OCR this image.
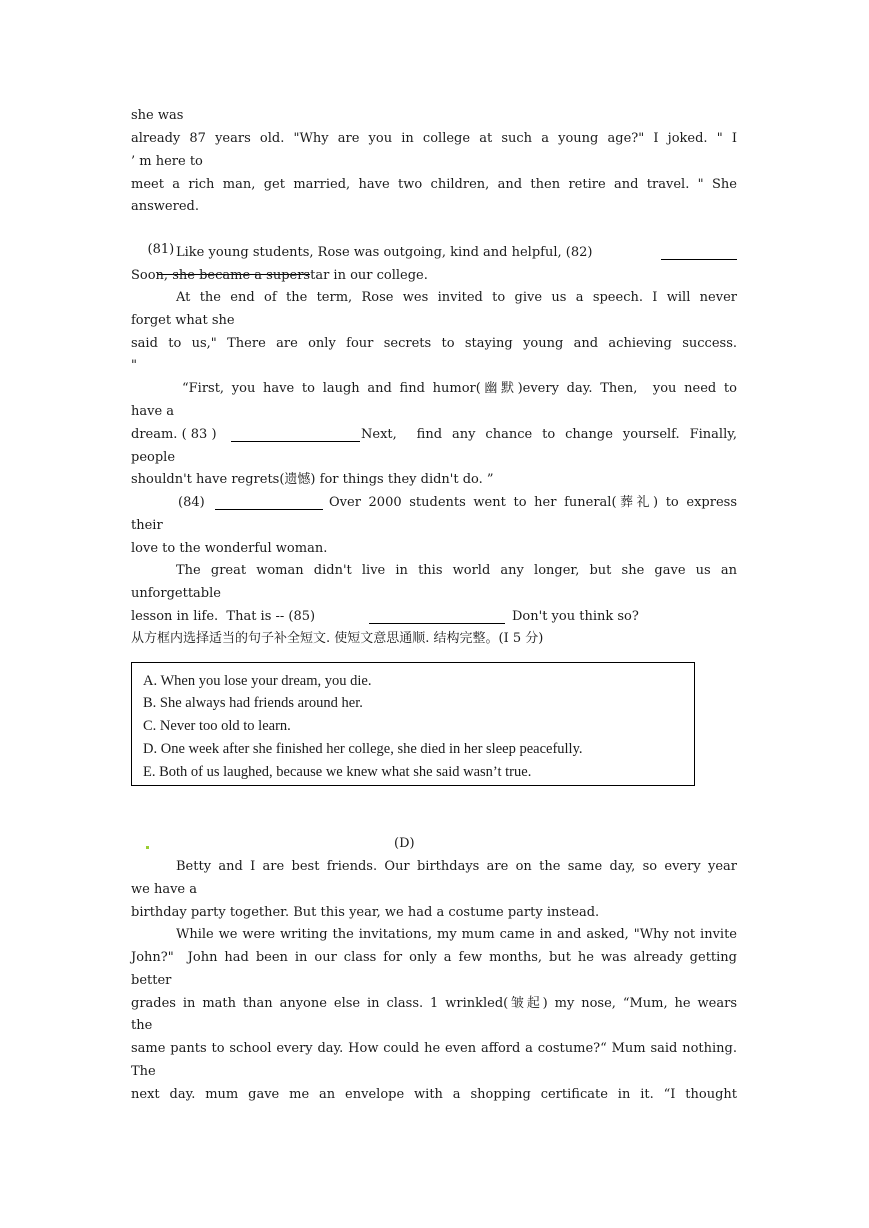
she was
already 87 years old. "Why are you in college at such a young age?" I joked. " I
’ m here to
meet a rich man, get married, have two children, and then retire and travel. " She
answered.

(81)

Like young students, Rose was outgoing, kind and helpful, (82)
Soon, she became a superstar in our college.
At the end of the term, Rose wes invited to give us a speech. I will never
forget what she
said to us," There are only four secrets to staying young and achieving success.
"
“First, you have to laugh and find humor(幽默)every day. Then,  you need to
have a
dream. ( 83 )	Next,  find any chance to change yourself. Finally,
people
shouldn't have regrets(遗憾) for things they didn't do. ”
(84)	Over 2000 students went to her funeral(葬礼) to express
their
love to the wonderful woman.
The great woman didn't live in this world any longer, but she gave us an
unforgettable
lesson in life.  That is -- (85)	Don't you think so?
从方框内选择适当的句子补全短文. 使短文意思通顺. 结构完整。(I 5 分)
A. When you lose your dream, you die.
B. She always had friends around her.
C. Never too old to learn.
D. One week after she finished her college, she died in her sleep peacefully.
E. Both of us laughed, because we knew what she said wasn’t true.
(D)
Betty and I are best friends. Our birthdays are on the same day, so every year
we have a
birthday party together. But this year, we had a costume party instead.
While we were writing the invitations, my mum came in and asked, "Why not invite
John?"  John had been in our class for only a few months, but he was already getting
better
grades in math than anyone else in class. 1 wrinkled(皱起) my nose, “Mum, he wears
the
same pants to school every day. How could he even afford a costume?“ Mum said nothing.
The
next day. mum gave me an envelope with a shopping certificate in it. “I thought
